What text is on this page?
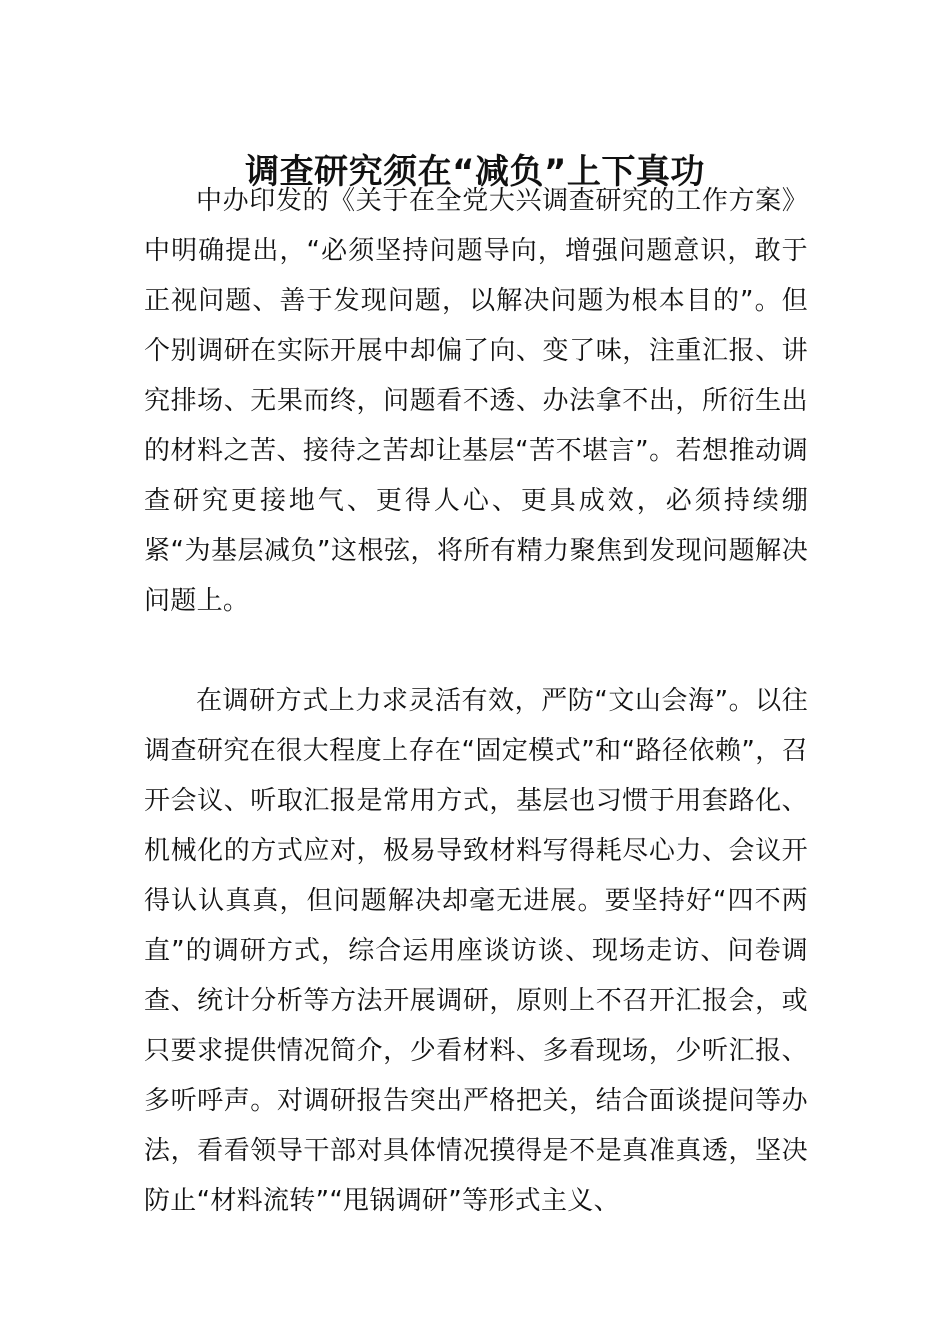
调查研究须在“减负”上下真功

中办印发的《关于在全党大兴调查研究的工作方案》中明确提出，“必须坚持问题导向，增强问题意识，敢于正视问题、善于发现问题，以解决问题为根本目的”。但个别调研在实际开展中却偏了向、变了味，注重汇报、讲究排场、无果而终，问题看不透、办法拿不出，所衍生出的材料之苦、接待之苦却让基层“苦不堪言”。若想推动调查研究更接地气、更得人心、更具成效，必须持续绷紧“为基层减负”这根弦，将所有精力聚焦到发现问题解决问题上。

在调研方式上力求灵活有效，严防“文山会海”。以往调查研究在很大程度上存在“固定模式”和“路径依赖”，召开会议、听取汇报是常用方式，基层也习惯于用套路化、机械化的方式应对，极易导致材料写得耗尽心力、会议开得认认真真，但问题解决却毫无进展。要坚持好“四不两直”的调研方式，综合运用座谈访谈、现场走访、问卷调查、统计分析等方法开展调研，原则上不召开汇报会，或只要求提供情况简介，少看材料、多看现场，少听汇报、多听呼声。对调研报告突出严格把关，结合面谈提问等办法，看看领导干部对具体情况摸得是不是真准真透，坚决防止“材料流转”“甩锅调研”等形式主义、
